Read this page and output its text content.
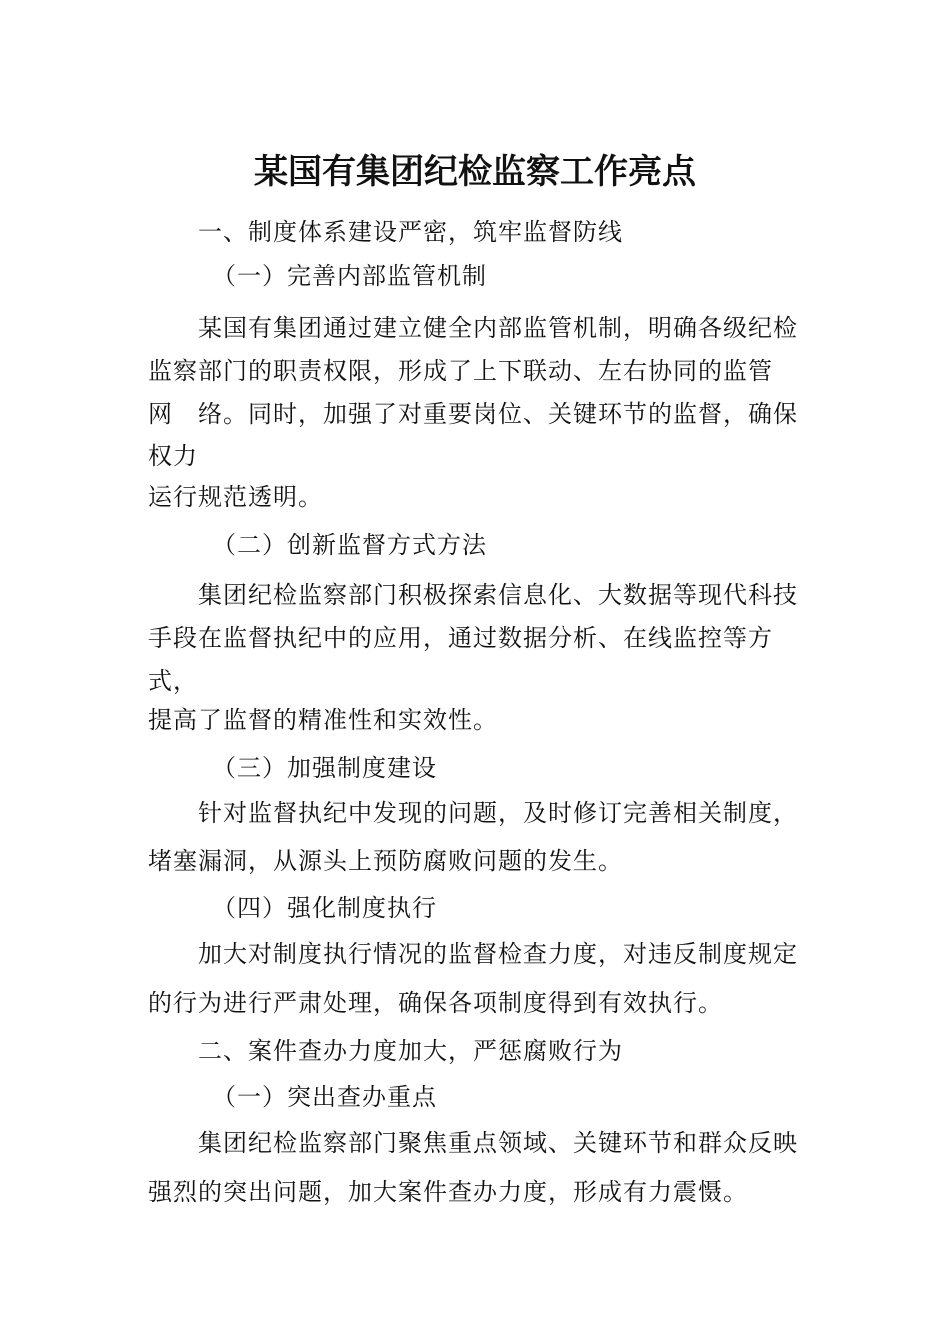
某国有集团纪检监察工作亮点

一、制度体系建设严密，筑牢监督防线

（一）完善内部监管机制

某国有集团通过建立健全内部监管机制，明确各级纪检

监察部门的职责权限，形成了上下联动、左右协同的监管

网　络。同时，加强了对重要岗位、关键环节的监督，确保

权力

运行规范透明。

（二）创新监督方式方法

集团纪检监察部门积极探索信息化、大数据等现代科技

手段在监督执纪中的应用，通过数据分析、在线监控等方

式，

提高了监督的精准性和实效性。

（三）加强制度建设

针对监督执纪中发现的问题，及时修订完善相关制度，

堵塞漏洞，从源头上预防腐败问题的发生。

（四）强化制度执行

加大对制度执行情况的监督检查力度，对违反制度规定

的行为进行严肃处理，确保各项制度得到有效执行。

二、案件查办力度加大，严惩腐败行为

（一）突出查办重点

集团纪检监察部门聚焦重点领域、关键环节和群众反映

强烈的突出问题，加大案件查办力度，形成有力震慑。
